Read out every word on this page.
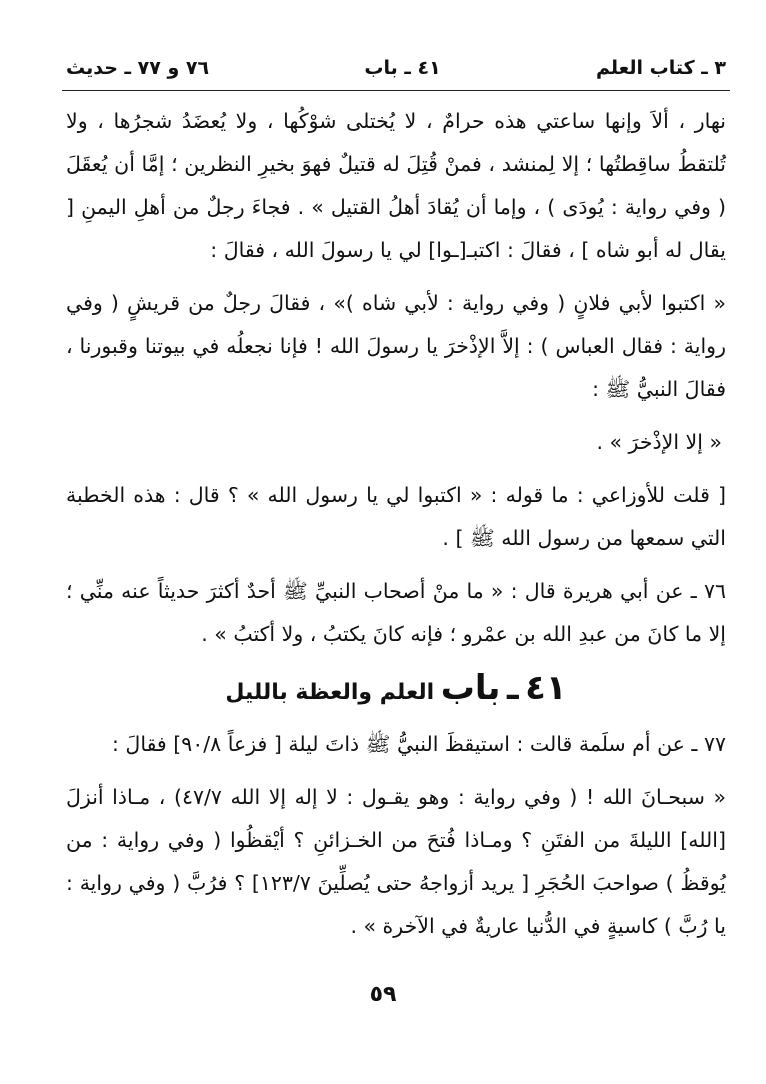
٣ ـ كتاب العلم
٤١ ـ باب
٧٦ و ٧٧ ـ حديث

نهار ، ألاَ وإنها ساعتي هذه حرامٌ ، لا يُختلى شوْكُها ، ولا يُعضَدُ شجرُها ، ولا تُلتقطُ ساقِطتُها ؛ إلا لِمنشد ، فمنْ قُتِلَ له قتيلٌ فهوَ بخيرِ النظرين ؛ إمَّا أن يُعقَلَ ( وفي رواية : يُودَى ) ، وإما أن يُقادَ أهلُ القتيل » . فجاءَ رجلٌ من أهلِ اليمنِ [ يقال له أبو شاه ] ، فقالَ : اكتبـ[ـوا] لي يا رسولَ الله ، فقالَ :

« اكتبوا لأبي فلانٍ ( وفي رواية : لأبي شاه )» ، فقالَ رجلٌ من قريشٍ ( وفي رواية : فقال العباس ) : إلاَّ الإذْخرَ يا رسولَ الله ! فإنا نجعلُه في بيوتنا وقبورنا ، فقالَ النبيُّ ﷺ :

« إلا الإذْخرَ » .

[ قلت للأوزاعي : ما قوله : « اكتبوا لي يا رسول الله » ؟ قال : هذه الخطبة التي سمعها من رسول الله ﷺ ] .

٧٦ ـ عن أبي هريرة قال : « ما منْ أصحاب النبيِّ ﷺ أحدٌ أكثرَ حديثاً عنه منِّي ؛ إلا ما كانَ من عبدِ الله بن عمْرو ؛ فإنه كانَ يكتبُ ، ولا أكتبُ » .

٤١ ـ باب العلم والعظة بالليل

٧٧ ـ عن أم سلَمة قالت : استيقظَ النبيُّ ﷺ ذاتَ ليلة [ فزعاً ٩٠/٨] فقالَ :

« سبحـانَ الله ! ( وفي رواية : وهو يقـول : لا إله إلا الله ٤٧/٧) ، مـاذا أنزلَ [الله] الليلةَ من الفتَنِ ؟ ومـاذا فُتحَ من الخـزائنِ ؟ أيْقظُوا ( وفي رواية : من يُوقظُ ) صواحبَ الحُجَرِ [ يريد أزواجهُ حتى يُصلِّينَ ١٢٣/٧] ؟ فرُبَّ ( وفي رواية : يا رُبَّ ) كاسيةٍ في الدُّنيا عاريةٌ في الآخرة » .

٥٩
